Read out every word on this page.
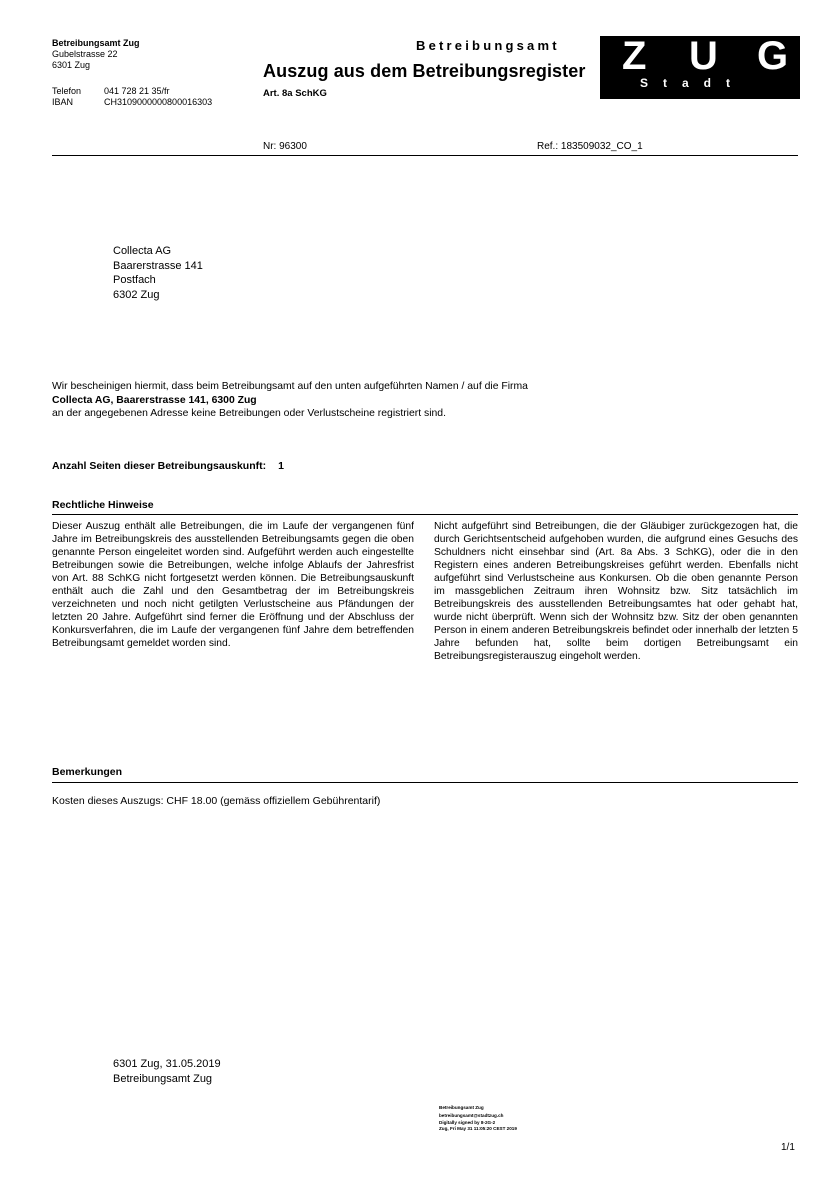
Betreibungsamt Zug
Gubelstrasse 22
6301 Zug
Telefon	041 728 21 35/fr
IBAN	CH3109000000800016303
Betreibungsamt
Auszug aus dem Betreibungsregister
Art. 8a SchKG
Z U G
Stadt
Nr: 96300	Ref.: 183509032_CO_1
Collecta AG
Baarerstrasse 141
Postfach
6302 Zug
Wir bescheinigen hiermit, dass beim Betreibungsamt auf den unten aufgeführten Namen / auf die Firma
Collecta AG, Baarerstrasse 141, 6300 Zug
an der angegebenen Adresse keine Betreibungen oder Verlustscheine registriert sind.
Anzahl Seiten dieser Betreibungsauskunft: 1
Rechtliche Hinweise
Dieser Auszug enthält alle Betreibungen, die im Laufe der vergangenen fünf Jahre im Betreibungskreis des ausstellenden Betreibungsamts gegen die oben genannte Person eingeleitet worden sind. Aufgeführt werden auch eingestellte Betreibungen sowie die Betreibungen, welche infolge Ablaufs der Jahresfrist von Art. 88 SchKG nicht fortgesetzt werden können. Die Betreibungsauskunft enthält auch die Zahl und den Gesamtbetrag der im Betreibungskreis verzeichneten und noch nicht getilgten Verlustscheine aus Pfändungen der letzten 20 Jahre. Aufgeführt sind ferner die Eröffnung und der Abschluss der Konkursverfahren, die im Laufe der vergangenen fünf Jahre dem betreffenden Betreibungsamt gemeldet worden sind.
Nicht aufgeführt sind Betreibungen, die der Gläubiger zurückgezogen hat, die durch Gerichtsentscheid aufgehoben wurden, die aufgrund eines Gesuchs des Schuldners nicht einsehbar sind (Art. 8a Abs. 3 SchKG), oder die in den Registern eines anderen Betreibungskreises geführt werden. Ebenfalls nicht aufgeführt sind Verlustscheine aus Konkursen. Ob die oben genannte Person im massgeblichen Zeitraum ihren Wohnsitz bzw. Sitz tatsächlich im Betreibungskreis des ausstellenden Betreibungsamtes hat oder gehabt hat, wurde nicht überprüft. Wenn sich der Wohnsitz bzw. Sitz der oben genannten Person in einem anderen Betreibungskreis befindet oder innerhalb der letzten 5 Jahre befunden hat, sollte beim dortigen Betreibungsamt ein Betreibungsregisterauszug eingeholt werden.
Bemerkungen
Kosten dieses Auszugs: CHF 18.00 (gemäss offiziellem Gebührentarif)
6301 Zug, 31.05.2019
Betreibungsamt Zug
Betreibungsamt Zug
betreibungsamt@stadtzug.ch
Digitally signed by 8-2G-2
Zug, Fri May 31 11:05:20 CEST 2019
1/1
